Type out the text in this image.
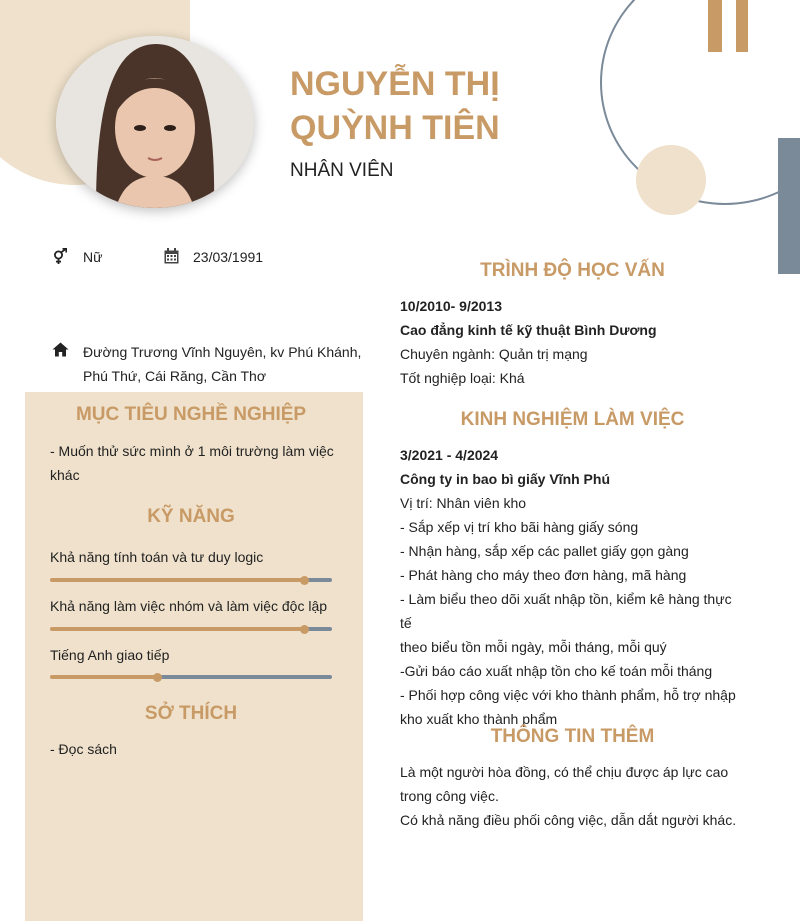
NGUYỄN THỊ
QUỲNH TIÊN
NHÂN VIÊN
Nữ	23/03/1991
Đường Trương Vĩnh Nguyên, kv Phú Khánh,
Phú Thứ, Cái Răng, Cần Thơ
MỤC TIÊU NGHỀ NGHIỆP
- Muốn thử sức mình ở 1 môi trường làm việc
khác
KỸ NĂNG
Khả năng tính toán và tư duy logic
Khả năng làm việc nhóm và làm việc độc lập
Tiếng Anh giao tiếp
SỞ THÍCH
- Đọc sách
TRÌNH ĐỘ HỌC VẤN
10/2010- 9/2013
Cao đẳng kinh tế kỹ thuật Bình Dương
Chuyên ngành: Quản trị mạng
Tốt nghiệp loại: Khá
KINH NGHIỆM LÀM VIỆC
3/2021 - 4/2024
Công ty in bao bì giấy Vĩnh Phú
Vị trí: Nhân viên kho
- Sắp xếp vị trí kho bãi hàng giấy sóng
- Nhận hàng, sắp xếp các pallet giấy gọn gàng
- Phát hàng cho máy theo đơn hàng, mã hàng
- Làm biểu theo dõi xuất nhập tồn, kiểm kê hàng thực tế
theo biểu tồn mỗi ngày, mỗi tháng, mỗi quý
-Gửi báo cáo xuất nhập tồn cho kế toán mỗi tháng
- Phối hợp công việc với kho thành phẩm, hỗ trợ nhập
kho xuất kho thành phẩm
THÔNG TIN THÊM
Là một người hòa đồng, có thể chịu được áp lực cao
trong công việc.
Có khả năng điều phối công việc, dẫn dắt người khác.
